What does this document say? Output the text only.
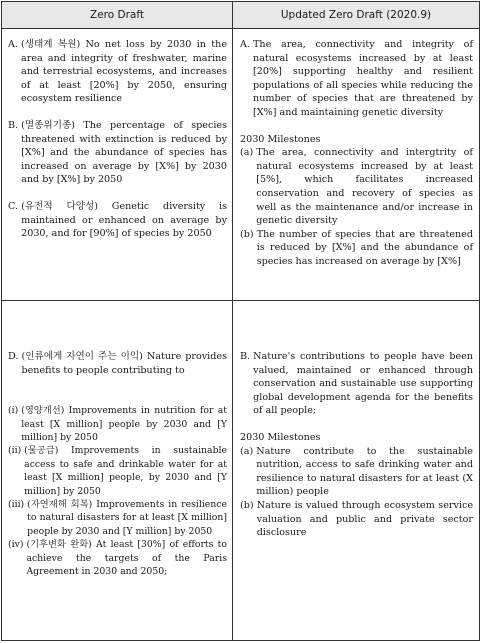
Zero Draft	Updated Zero Draft (2020.9)
A. (생태계 복원) No net loss by 2030 in the area and integrity of freshwater, marine and terrestrial ecosystems, and increases of at least [20%] by 2050, ensuring ecosystem resilience
B. (멸종위기종) The percentage of species threatened with extinction is reduced by [X%] and the abundance of species has increased on average by [X%] by 2030 and by [X%] by 2050
C. (유전적 다양성) Genetic diversity is maintained or enhanced on average by 2030, and for [90%] of species by 2050
A. The area, connectivity and integrity of natural ecosystems increased by at least [20%] supporting healthy and resilient populations of all species while reducing the number of species that are threatened by [X%] and maintaining genetic diversity
2030 Milestones
(a) The area, connectivity and intergtrity of natural ecosystems increased by at least [5%], which facilitates increased conservation and recovery of species as well as the maintenance and/or increase in genetic diversity
(b) The number of species that are threatened is reduced by [X%] and the abundance of species has increased on average by [X%]
D. (인류에게 자연이 주는 이익) Nature provides benefits to people contributing to
(i) (영양개선) Improvements in nutrition for at least [X million] people by 2030 and [Y million] by 2050
(ii) (물공급) Improvements in sustainable access to safe and drinkable water for at least [X million] people, by 2030 and [Y million] by 2050
(iii) (자연재해 회복) Improvements in resilience to natural disasters for at least [X million] people by 2030 and [Y million] by 2050
(iv) (기후변화 완화) At least [30%] of efforts to achieve the targets of the Paris Agreement in 2030 and 2050;
B. Nature's contributions to people have been valued, maintained or enhanced through conservation and sustainable use supporting global development agenda for the benefits of all people;
2030 Milestones
(a) Nature contribute to the sustainable nutrition, access to safe drinking water and resilience to natural disasters for at least (X million) people
(b) Nature is valued through ecosystem service valuation and public and private sector disclosure
